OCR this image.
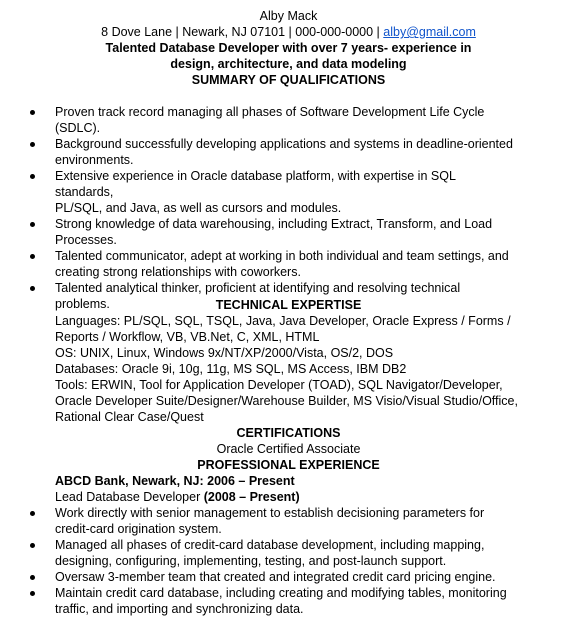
Alby Mack
8 Dove Lane | Newark, NJ 07101 | 000-000-0000 | alby@gmail.com
Talented Database Developer with over 7 years- experience in
design, architecture, and data modeling
SUMMARY OF QUALIFICATIONS
Proven track record managing all phases of Software Development Life Cycle
(SDLC).
Background successfully developing applications and systems in deadline-oriented
environments.
Extensive experience in Oracle database platform, with expertise in SQL standards,
PL/SQL, and Java, as well as cursors and modules.
Strong knowledge of data warehousing, including Extract, Transform, and Load
Processes.
Talented communicator, adept at working in both individual and team settings, and
creating strong relationships with coworkers.
Talented analytical thinker, proficient at identifying and resolving technical
problems.	TECHNICAL EXPERTISE
Languages: PL/SQL, SQL, TSQL, Java, Java Developer, Oracle Express / Forms /
Reports / Workflow, VB, VB.Net, C, XML, HTML
OS: UNIX, Linux, Windows 9x/NT/XP/2000/Vista, OS/2, DOS
Databases: Oracle 9i, 10g, 11g, MS SQL, MS Access, IBM DB2
Tools: ERWIN, Tool for Application Developer (TOAD), SQL Navigator/Developer,
Oracle Developer Suite/Designer/Warehouse Builder, MS Visio/Visual Studio/Office,
Rational Clear Case/Quest
CERTIFICATIONS
Oracle Certified Associate
PROFESSIONAL EXPERIENCE
ABCD Bank, Newark, NJ: 2006 – Present
Lead Database Developer (2008 – Present)
Work directly with senior management to establish decisioning parameters for
credit-card origination system.
Managed all phases of credit-card database development, including mapping,
designing, configuring, implementing, testing, and post-launch support.
Oversaw 3-member team that created and integrated credit card pricing engine.
Maintain credit card database, including creating and modifying tables, monitoring
traffic, and importing and synchronizing data.
